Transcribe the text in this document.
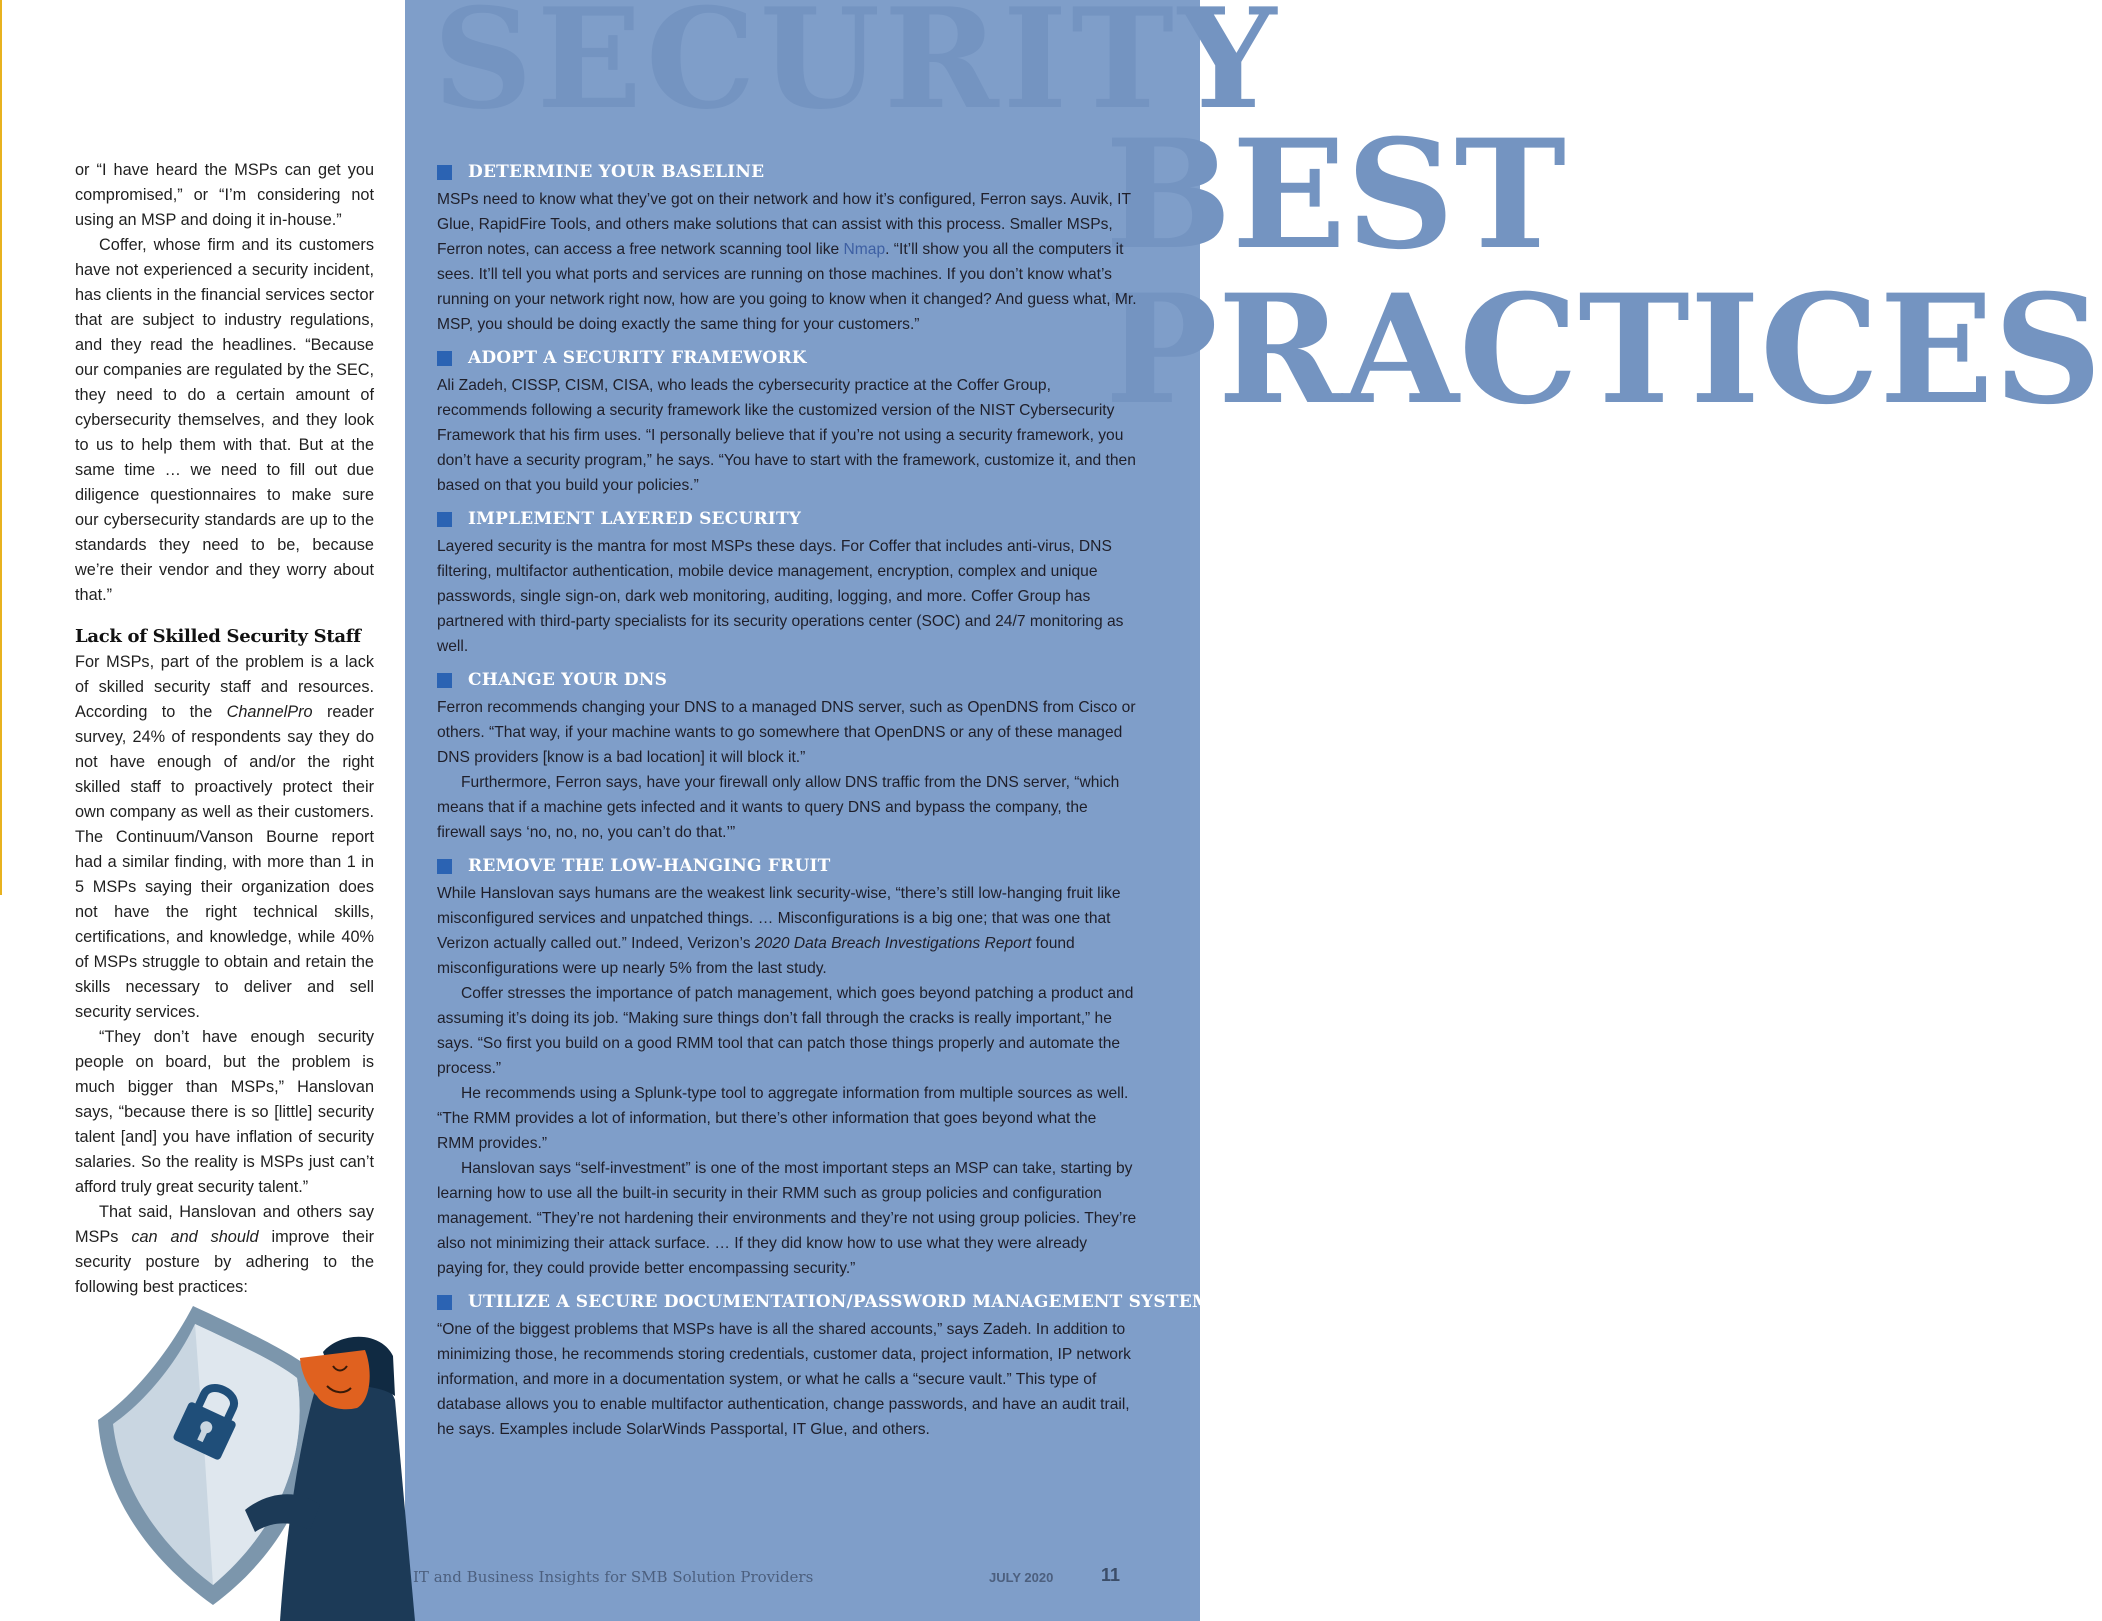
SECURITY
BEST
PRACTICES

or “I have heard the MSPs can get you compromised,” or “I’m considering not using an MSP and doing it in-house.”

Coffer, whose firm and its customers have not experienced a security incident, has clients in the financial services sector that are subject to industry regulations, and they read the headlines. “Because our companies are regulated by the SEC, they need to do a certain amount of cybersecurity themselves, and they look to us to help them with that. But at the same time … we need to fill out due diligence questionnaires to make sure our cybersecurity standards are up to the standards they need to be, because we’re their vendor and they worry about that.”

Lack of Skilled Security Staff

For MSPs, part of the problem is a lack of skilled security staff and resources. According to the ChannelPro reader survey, 24% of respondents say they do not have enough of and/or the right skilled staff to proactively protect their own company as well as their customers. The Continuum/Vanson Bourne report had a similar finding, with more than 1 in 5 MSPs saying their organization does not have the right technical skills, certifications, and knowledge, while 40% of MSPs struggle to obtain and retain the skills necessary to deliver and sell security services.

“They don’t have enough security people on board, but the problem is much bigger than MSPs,” Hanslovan says, “because there is so [little] security talent [and] you have inflation of security salaries. So the reality is MSPs just can’t afford truly great security talent.”

That said, Hanslovan and others say MSPs can and should improve their security posture by adhering to the following best practices:

DETERMINE YOUR BASELINE

MSPs need to know what they’ve got on their network and how it’s configured, Ferron says. Auvik, IT Glue, RapidFire Tools, and others make solutions that can assist with this process. Smaller MSPs, Ferron notes, can access a free network scanning tool like Nmap. “It’ll show you all the computers it sees. It’ll tell you what ports and services are running on those machines. If you don’t know what’s running on your network right now, how are you going to know when it changed? And guess what, Mr. MSP, you should be doing exactly the same thing for your customers.”

ADOPT A SECURITY FRAMEWORK

Ali Zadeh, CISSP, CISM, CISA, who leads the cybersecurity practice at the Coffer Group, recommends following a security framework like the customized version of the NIST Cybersecurity Framework that his firm uses. “I personally believe that if you’re not using a security framework, you don’t have a security program,” he says. “You have to start with the framework, customize it, and then based on that you build your policies.”

IMPLEMENT LAYERED SECURITY

Layered security is the mantra for most MSPs these days. For Coffer that includes anti-virus, DNS filtering, multifactor authentication, mobile device management, encryption, complex and unique passwords, single sign-on, dark web monitoring, auditing, logging, and more. Coffer Group has partnered with third-party specialists for its security operations center (SOC) and 24/7 monitoring as well.

CHANGE YOUR DNS

Ferron recommends changing your DNS to a managed DNS server, such as OpenDNS from Cisco or others. “That way, if your machine wants to go somewhere that OpenDNS or any of these managed DNS providers [know is a bad location] it will block it.”

Furthermore, Ferron says, have your firewall only allow DNS traffic from the DNS server, “which means that if a machine gets infected and it wants to query DNS and bypass the company, the firewall says ‘no, no, no, you can’t do that.’”

REMOVE THE LOW-HANGING FRUIT

While Hanslovan says humans are the weakest link security-wise, “there’s still low-hanging fruit like misconfigured services and unpatched things. … Misconfigurations is a big one; that was one that Verizon actually called out.” Indeed, Verizon’s 2020 Data Breach Investigations Report found misconfigurations were up nearly 5% from the last study.

Coffer stresses the importance of patch management, which goes beyond patching a product and assuming it’s doing its job. “Making sure things don’t fall through the cracks is really important,” he says. “So first you build on a good RMM tool that can patch those things properly and automate the process.”

He recommends using a Splunk-type tool to aggregate information from multiple sources as well. “The RMM provides a lot of information, but there’s other information that goes beyond what the RMM provides.”

Hanslovan says “self-investment” is one of the most important steps an MSP can take, starting by learning how to use all the built-in security in their RMM such as group policies and configuration management. “They’re not hardening their environments and they’re not using group policies. They’re also not minimizing their attack surface. … If they did know how to use what they were already paying for, they could provide better encompassing security.”

UTILIZE A SECURE DOCUMENTATION/PASSWORD MANAGEMENT SYSTEM

“One of the biggest problems that MSPs have is all the shared accounts,” says Zadeh. In addition to minimizing those, he recommends storing credentials, customer data, project information, IP network information, and more in a documentation system, or what he calls a “secure vault.” This type of database allows you to enable multifactor authentication, change passwords, and have an audit trail, he says. Examples include SolarWinds Passportal, IT Glue, and others.

IT and Business Insights for SMB Solution Providers	JULY 2020	11
